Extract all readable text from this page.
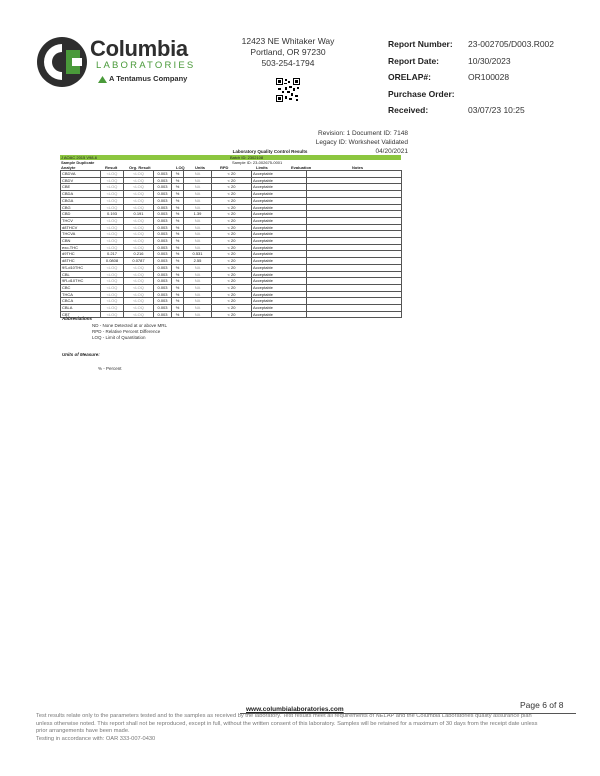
Columbia
LABORATORIES
A Tentamus Company
12423 NE Whitaker Way
Portland, OR 97230
503-254-1794
Report Number: 23-002705/D003.R002
Report Date:	10/30/2023
ORELAP#:	OR100028
Purchase Order:
Received:	03/07/23 10:25
Revision: 1 Document ID: 7148
Legacy ID: Worksheet Validated 04/20/2021
Laboratory Quality Control Results
J AOAC 2015 V98-6	Batch ID: 2302108
Sample Duplicate	Sample ID: 23-002675-0001
Analyte	Result	Org. Result	LOQ	Units	RPD	Limits	Evaluation	Notes
CBDVA	<LOQ	<LOQ	0.003	%	NA	< 20	Acceptable	
CBDV	<LOQ	<LOQ	0.003	%	NA	< 20	Acceptable	
CBE	<LOQ	<LOQ	0.003	%	NA	< 20	Acceptable	
CBDA	<LOQ	<LOQ	0.003	%	NA	< 20	Acceptable	
CBGA	<LOQ	<LOQ	0.003	%	NA	< 20	Acceptable	
CBG	<LOQ	<LOQ	0.003	%	NA	< 20	Acceptable	
CBD	0.193	0.191	0.003	%	1.39	< 20	Acceptable	
THCV	<LOQ	<LOQ	0.003	%	NA	< 20	Acceptable	
d8THCV	<LOQ	<LOQ	0.003	%	NA	< 20	Acceptable	
THCVA	<LOQ	<LOQ	0.003	%	NA	< 20	Acceptable	
CBN	<LOQ	<LOQ	0.003	%	NA	< 20	Acceptable	
exo-THC	<LOQ	<LOQ	0.003	%	NA	< 20	Acceptable	
d9THC	0.217	0.216	0.003	%	0.531	< 20	Acceptable	
d8THC	0.0808	0.0787	0.003	%	2.55	< 20	Acceptable	
9S-d10THC	<LOQ	<LOQ	0.003	%	NA	< 20	Acceptable	
CBL	<LOQ	<LOQ	0.003	%	NA	< 20	Acceptable	
9R-d10THC	<LOQ	<LOQ	0.003	%	NA	< 20	Acceptable	
CBC	<LOQ	<LOQ	0.003	%	NA	< 20	Acceptable	
THCA	<LOQ	<LOQ	0.003	%	NA	< 20	Acceptable	
CBCA	<LOQ	<LOQ	0.003	%	NA	< 20	Acceptable	
CBLA	<LOQ	<LOQ	0.003	%	NA	< 20	Acceptable	
CBT	<LOQ	<LOQ	0.003	%	NA	< 20	Acceptable	
Abbreviations
ND - None Detected at or above MRL
RPD - Relative Percent Difference
LOQ - Limit of Quantitation
Units of Measure:
% - Percent
Page 6 of 8
www.columbialaboratories.com
Test results relate only to the parameters tested and to the samples as received by the laboratory. Test results meet all requirements of NELAP and the Columbia Laboratories quality assurance plan
unless otherwise noted. This report shall not be reproduced, except in full, without the written consent of this laboratory. Samples will be retained for a maximum of 30 days from the receipt date unless
prior arrangements have been made.
Testing in accordance with: OAR 333-007-0430
